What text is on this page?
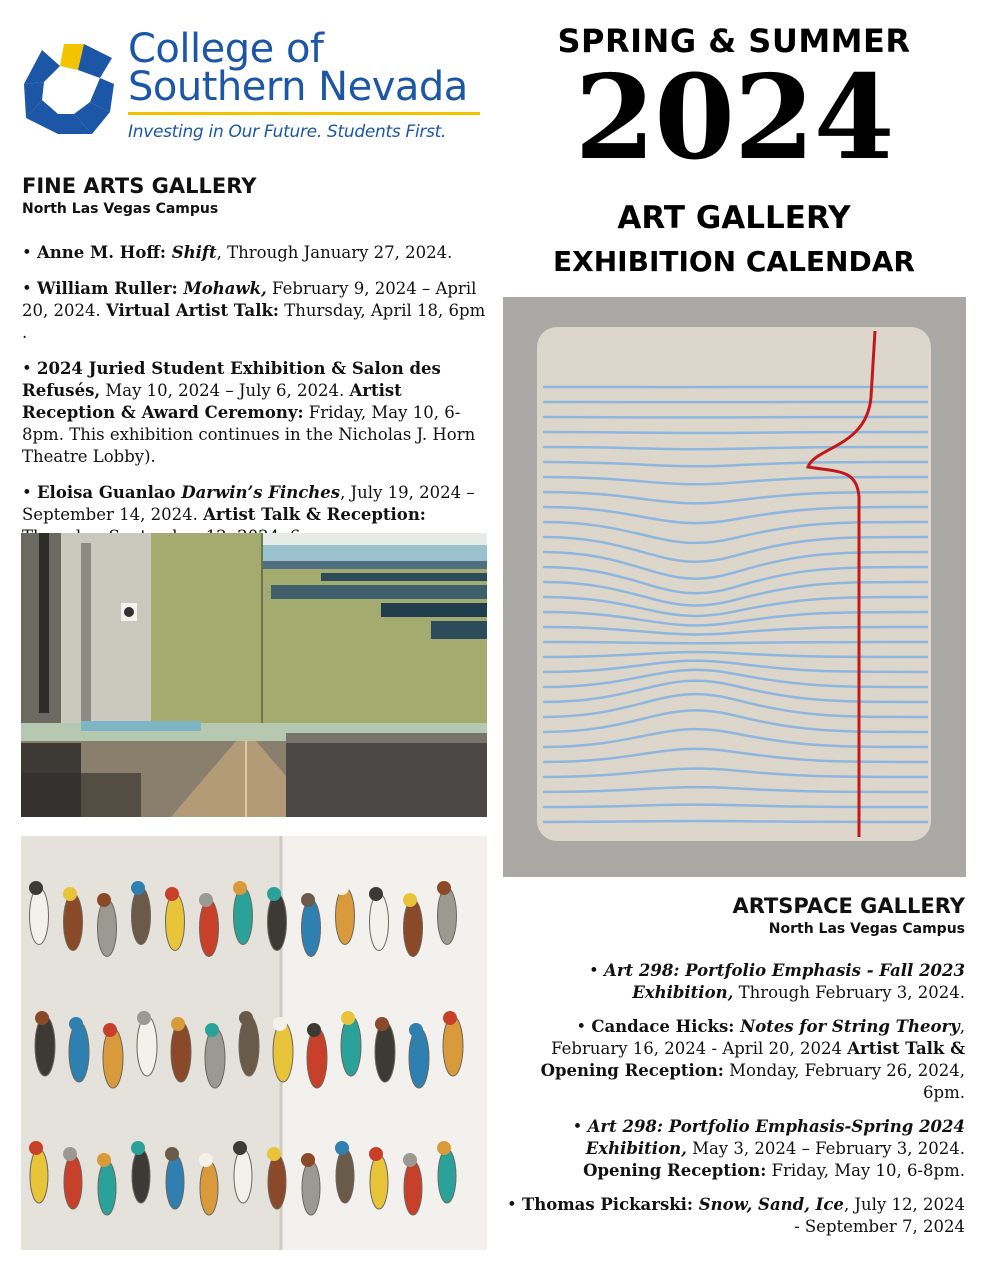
College of
Southern Nevada
Investing in Our Future. Students First.
SPRING & SUMMER
2024
ART GALLERY
EXHIBITION CALENDAR
FINE ARTS GALLERY
North Las Vegas Campus
• Anne M. Hoff: Shift, Through January 27, 2024.
• William Ruller: Mohawk, February 9, 2024 – April 20, 2024. Virtual Artist Talk: Thursday, April 18, 6pm .
• 2024 Juried Student Exhibition & Salon des Refusés, May 10, 2024 – July 6, 2024. Artist Reception & Award Ceremony: Friday, May 10, 6-8pm. This exhibition continues in the Nicholas J. Horn Theatre Lobby).
• Eloisa Guanlao Darwin’s Finches, July 19, 2024 – September 14, 2024. Artist Talk & Reception:
ARTSPACE GALLERY
North Las Vegas Campus
• Art 298: Portfolio Emphasis - Fall 2023 Exhibition, Through February 3, 2024.
• Candace Hicks: Notes for String Theory, February 16, 2024 - April 20, 2024 Artist Talk & Opening Reception: Monday, February 26, 2024, 6pm.
• Art 298: Portfolio Emphasis-Spring 2024 Exhibition, May 3, 2024 – February 3, 2024. Opening Reception: Friday, May 10, 6-8pm.
• Thomas Pickarski: Snow, Sand, Ice, July 12, 2024 - September 7, 2024
